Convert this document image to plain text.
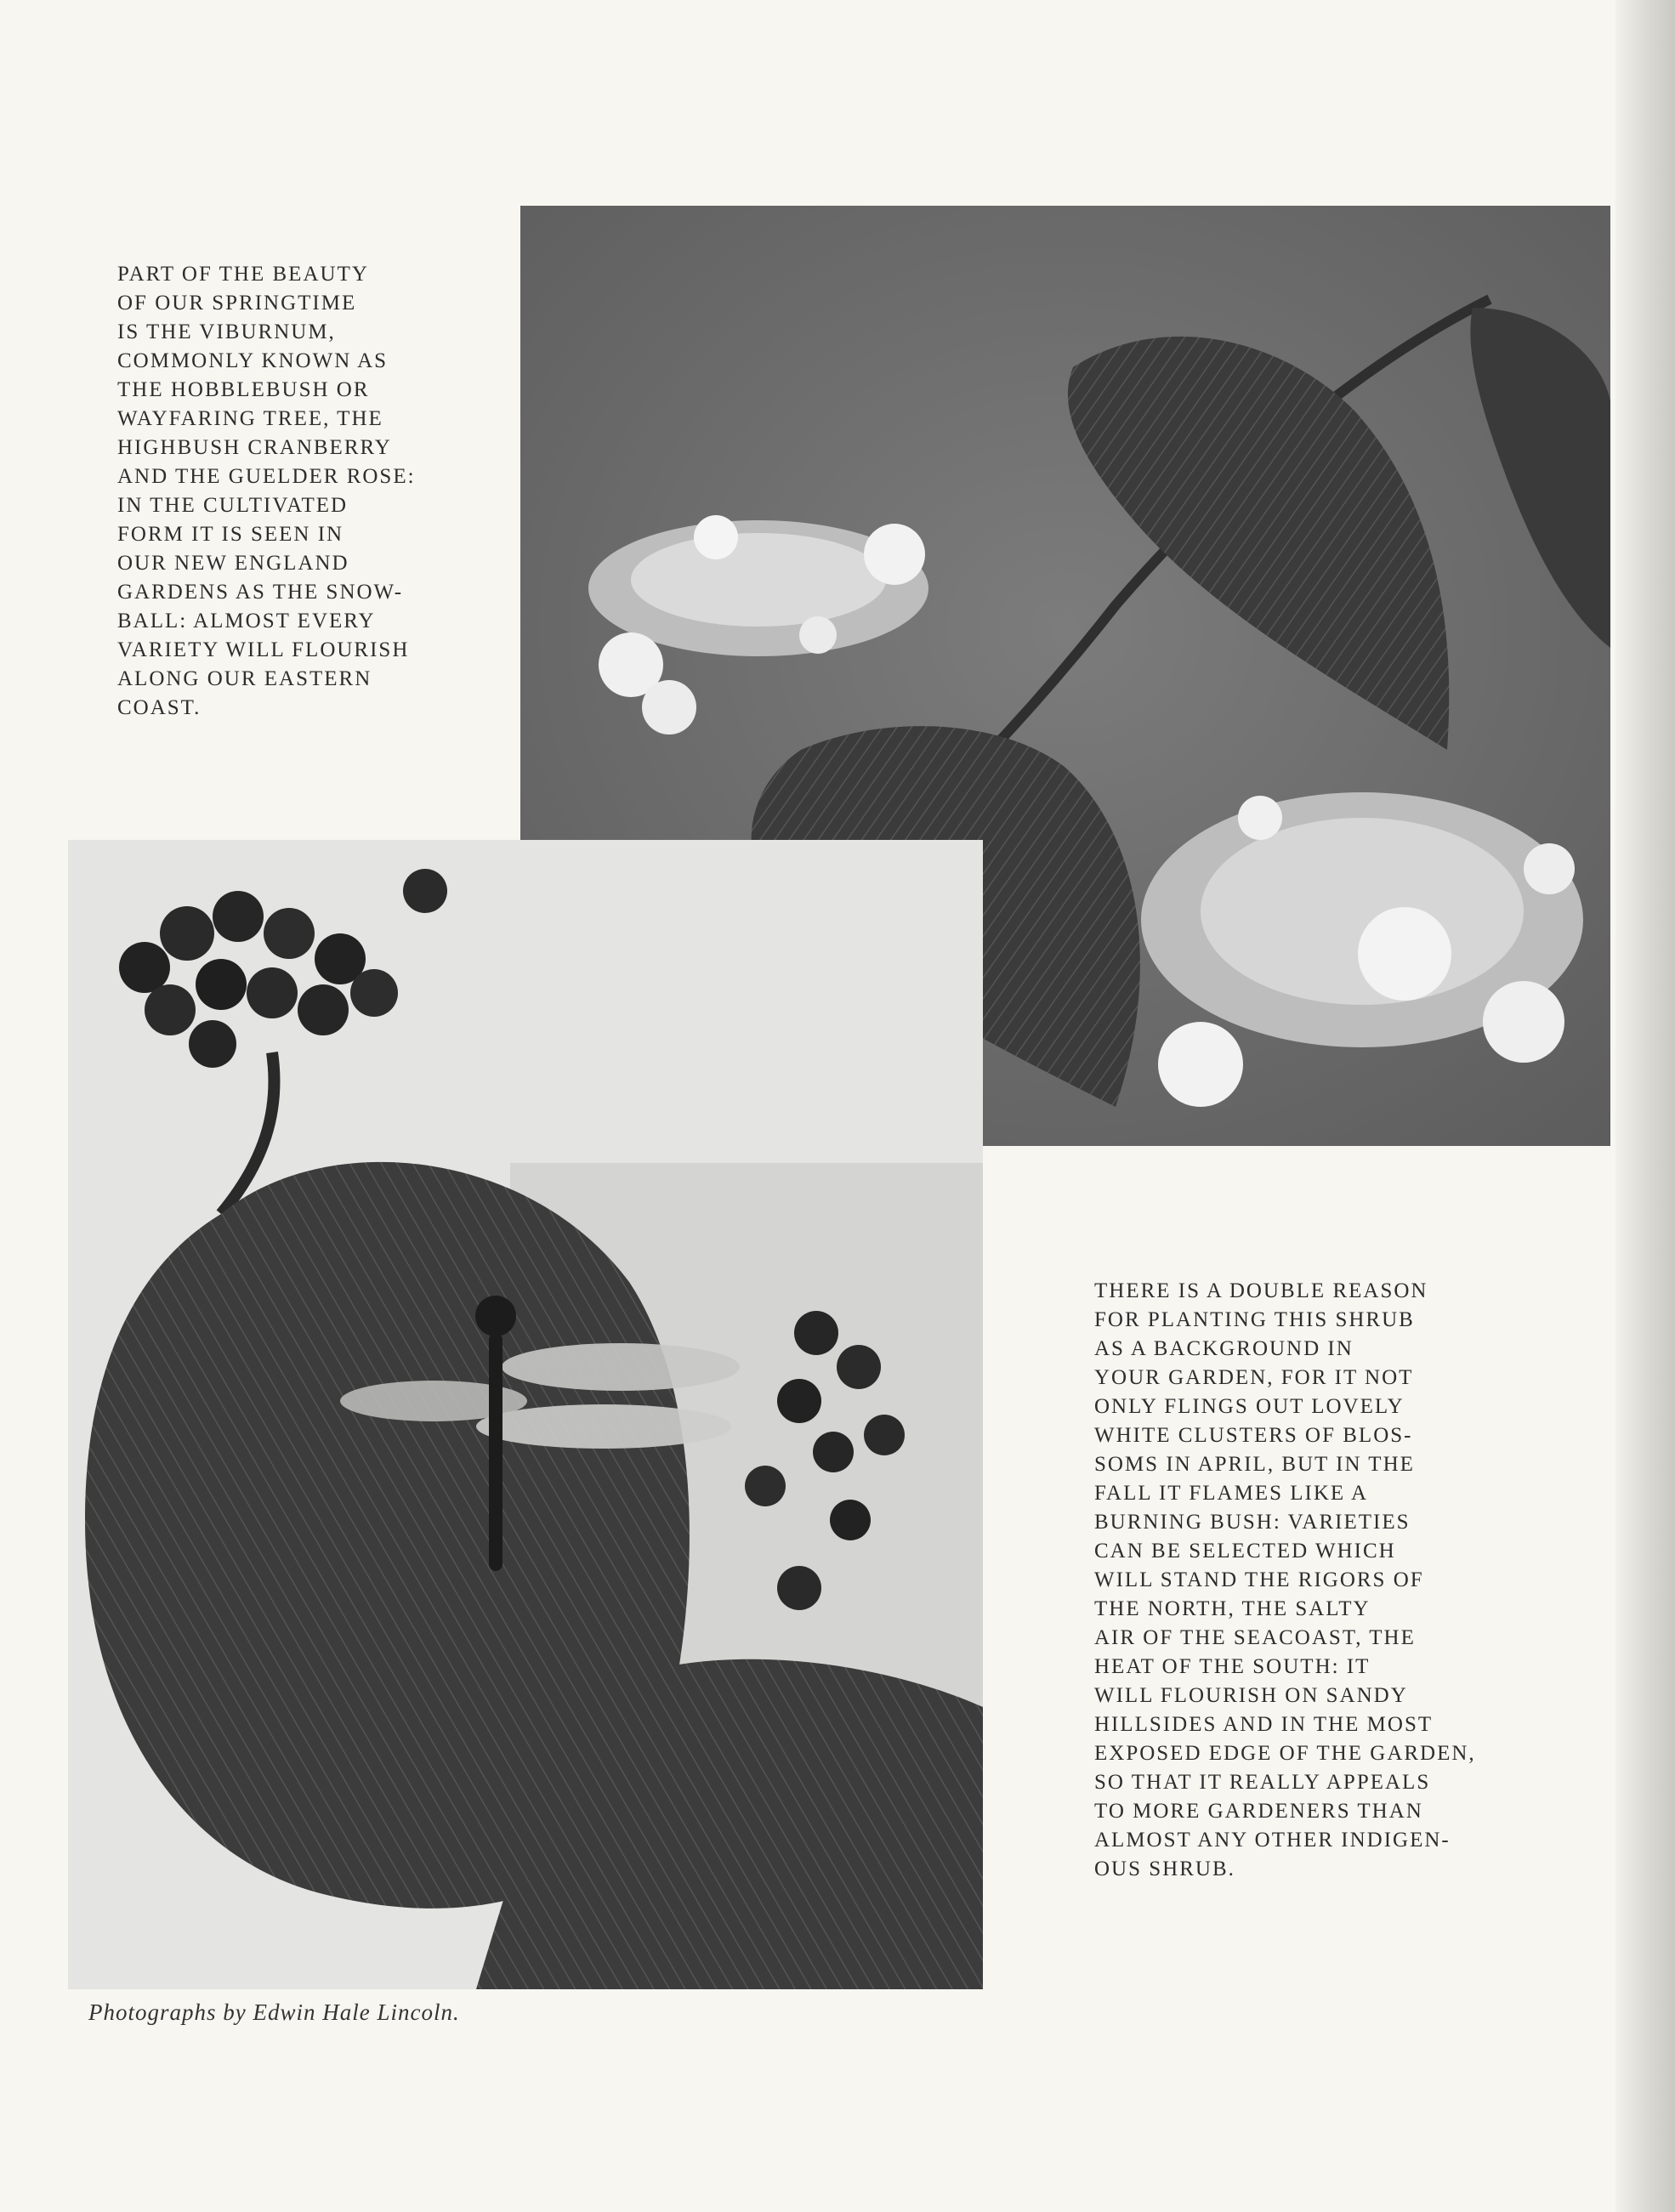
PART OF THE BEAUTY
OF OUR SPRINGTIME
IS THE VIBURNUM,
COMMONLY KNOWN AS
THE HOBBLEBUSH OR
WAYFARING TREE, THE
HIGHBUSH CRANBERRY
AND THE GUELDER ROSE:
IN THE CULTIVATED
FORM IT IS SEEN IN
OUR NEW ENGLAND
GARDENS AS THE SNOW-
BALL: ALMOST EVERY
VARIETY WILL FLOURISH
ALONG OUR EASTERN
COAST.
THERE IS A DOUBLE REASON
FOR PLANTING THIS SHRUB
AS A BACKGROUND IN
YOUR GARDEN, FOR IT NOT
ONLY FLINGS OUT LOVELY
WHITE CLUSTERS OF BLOS-
SOMS IN APRIL, BUT IN THE
FALL IT FLAMES LIKE A
BURNING BUSH: VARIETIES
CAN BE SELECTED WHICH
WILL STAND THE RIGORS OF
THE NORTH, THE SALTY
AIR OF THE SEACOAST, THE
HEAT OF THE SOUTH: IT
WILL FLOURISH ON SANDY
HILLSIDES AND IN THE MOST
EXPOSED EDGE OF THE GARDEN,
SO THAT IT REALLY APPEALS
TO MORE GARDENERS THAN
ALMOST ANY OTHER INDIGEN-
OUS SHRUB.
Photographs by Edwin Hale Lincoln.
